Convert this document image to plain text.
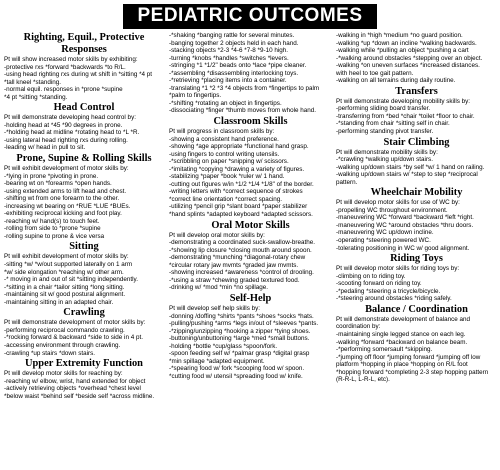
PEDIATRIC OUTCOMES
Righting, Equil., Protective Responses
Pt will show increased motor skills by exhibiting:
-protective rxs *forward *backwards *to R/L.
-using head righting rxs during wt shift in *sitting *4 pt
*tall kneel *standing.
-normal equil. responses in *prone *supine
*4 pt *sitting *standing.
Head Control
Pt will demonstrate developing head control by:
-holding head at *45 *90 degrees in prone.
-*holding head at midline *rotating head to *L *R.
-using lateral head righting rxs during rolling.
-leading w/ head in pull to sit.
Prone, Supine & Rolling Skills
Pt will exhibit development of motor skills by:
-*lying in prone *pivoting in prone.
-bearing wt on *forearms *open hands.
-using extended arms to lift head and chest.
-shifting wt from one forearm to the other.
-increasing wt bearing on *RUE *LUE *BUEs.
-exhibiting reciprocal kicking and foot play.
-reaching w/ hand(s) to touch feet.
-rolling from side to *prone *supine
-rolling supine to prone & vice versa
Sitting
Pt will exhibit development of motor skills by:
-sitting *w/ *w/out supported laterally on 1 arm
*w/ side elongation *reaching w/ other arm.
-* moving in and out of sit *sitting independently.
-*sitting in a chair *tailor sitting *long sitting.
-maintaining sit w/ good postural alignment.
-maintaining sitting in an adapted chair.
Crawling
Pt will demonstrate development of motor skills by:
-performing reciprocal commando crawling.
-*rocking forward & backward *side to side in 4 pt.
-accessing environment through crawling.
-crawling *up stairs *down stairs.
Upper Extremity Function
Pt will develop motor skills for reaching by:
-reaching w/ elbow, wrist, hand extended for object
-actively retrieving objects *overhead *chest level
*below waist *behind self *beside self *across midline.
-*shaking *banging rattle for several minutes.
-banging together 2 objects held in each hand.
-stacking objects *2-3 *4-6 *7-8 *9-10 high.
-turning *knobs *handles *switches *levers.
-stringing *1 *1/2" beads onto *lace *pipe cleaner.
-*assembling *disassembling interlocking toys.
-*retrieving *placing items into a container.
-translating *1 *2 *3 *4 objects from *fingertips to palm
*palm to fingertips.
-*shifting *rotating an object in fingertips.
-dissociating *finger *thumb moves from whole hand.
Classroom Skills
Pt will progress in classroom skills by:
-showing a consistent hand preference.
-showing *age appropriate *functional hand grasp.
-using fingers to control writing utensils.
-*scribbling on paper *snipping w/ scissors.
-*imitating *copying *drawing a variety of figures.
-stabilizing *paper *book *ruler w/ 1 hand.
-cutting out figures w/in *1/2 *1/4 *1/8" of the border.
-writing letters with *correct sequence of strokes
*correct line orientation *correct spacing.
-utilizing *pencil grip *slant board *paper stabilizer
*hand splints *adapted keyboard *adapted scissors.
Oral Motor Skills
Pt will develop oral motor skills by:
-demonstrating a coordinated suck-swallow-breathe.
-*showing lip closure *closing mouth around spoon.
-demonstrating *munching *diagonal-rotary chew
*circular rotary jaw mvmts *graded jaw mvmts.
-showing increased *awareness *control of drooling.
-*using a straw *chewing graded textured food.
-drinking w/ *mod *min *no spillage.
Self-Help
Pt will develop self help skills by:
-donning /doffing *shirts *pants *shoes *socks *hats.
-pulling/pushing *arms *legs in/out of *sleeves *pants.
-*zipping/unzipping *hooking a zipper *tying shoes.
-buttoning/unbuttoning *large *med *small buttons.
-holding *bottle *cup/glass *spoon/fork.
-spoon feeding self w/ *palmar grasp *digital grasp
*min spillage *adapted equipment.
-*spearing food w/ fork *scooping food w/ spoon.
*cutting food w/ utensil *spreading food w/ knife.
-walking in *high *medium *no guard position.
-walking *up *down an incline *walking backwards.
-walking while *pulling an object *pushing a cart
-*walking around obstacles *stepping over an object.
-walking *on uneven surfaces *increased distances.
with heel to toe gait pattern.
-walking on all terrains during daily routine.
Transfers
Pt will demonstrate developing mobility skills by:
-performing sliding board transfer.
-transferring from *bed *chair *toilet *floor to chair.
-*standing from chair *sitting self in chair.
-performing standing pivot transfer.
Stair Climbing
Pt will demonstrate mobility skills by:
-*crawling *walking up/down stairs.
-walking up/down stairs *by self *w/ 1 hand on railing.
-walking up/down stairs w/ *step to step *reciprocal
pattern.
Wheelchair Mobility
Pt will develop motor skills for use of WC by:
-propelling WC throughout environment.
-maneuvering WC *forward *backward *left *right.
-maneuvering WC *around obstacles *thru doors.
-maneuvering WC up/down incline.
-operating *steering powered WC.
-tolerating positioning in WC w/ good alignment.
Riding Toys
Pt will develop motor skills for riding toys by:
-climbing on to riding toy.
-scooting forward on riding toy.
-*pedaling *steering a tricycle/bicycle.
-*steering around obstacles *riding safely.
Balance / Coordination
Pt will demonstrate development of balance and
coordination by:
-maintaining single legged stance on each leg.
-walking *forward *backward on balance beam.
-*performing somersault *skipping.
-*jumping off floor *jumping forward *jumping off low
platform *hopping in place *hopping on R/L foot
*hopping forward *completing 2-3 step hopping pattern
(R-R-L, L-R-L, etc).
